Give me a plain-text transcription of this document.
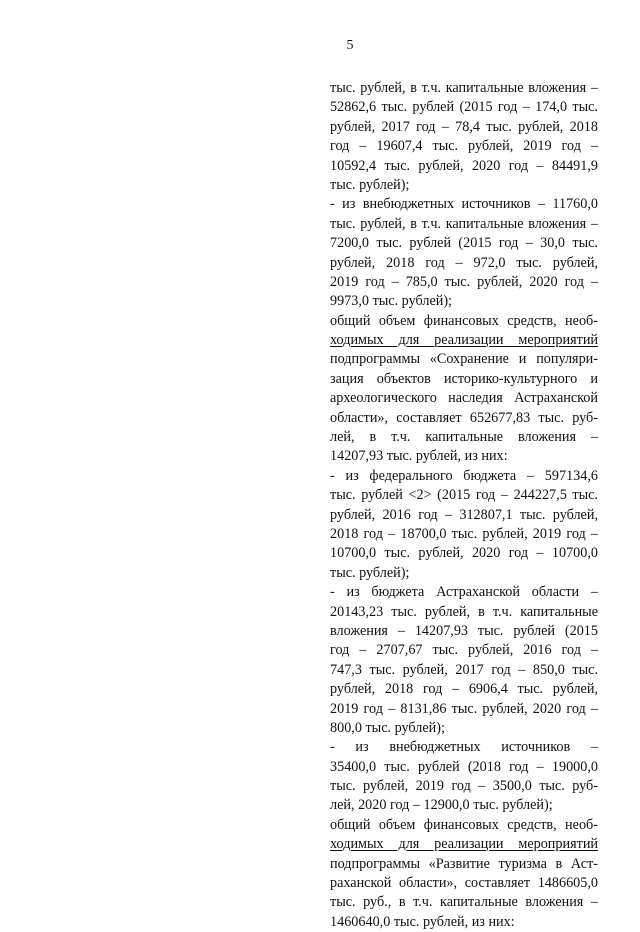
5
тыс. рублей, в т.ч. капитальные вложения –
52862,6 тыс. рублей (2015 год – 174,0 тыс.
рублей, 2017 год – 78,4 тыс. рублей, 2018
год – 19607,4 тыс. рублей, 2019 год –
10592,4 тыс. рублей, 2020 год – 84491,9
тыс. рублей);
- из внебюджетных источников – 11760,0
тыс. рублей, в т.ч. капитальные вложения –
7200,0 тыс. рублей (2015 год – 30,0 тыс.
рублей, 2018 год – 972,0 тыс. рублей,
2019 год – 785,0 тыс. рублей, 2020 год –
9973,0 тыс. рублей);
общий объем финансовых средств, необ-
ходимых для реализации мероприятий
подпрограммы «Сохранение и популяри-
зация объектов историко-культурного и
археологического наследия Астраханской
области», составляет 652677,83 тыс. руб-
лей, в т.ч. капитальные вложения –
14207,93 тыс. рублей, из них:
- из федерального бюджета – 597134,6
тыс. рублей <2> (2015 год – 244227,5 тыс.
рублей, 2016 год – 312807,1 тыс. рублей,
2018 год – 18700,0 тыс. рублей, 2019 год –
10700,0 тыс. рублей, 2020 год – 10700,0
тыс. рублей);
- из бюджета Астраханской области –
20143,23 тыс. рублей, в т.ч. капитальные
вложения – 14207,93 тыс. рублей (2015
год – 2707,67 тыс. рублей, 2016 год –
747,3 тыс. рублей, 2017 год – 850,0 тыс.
рублей, 2018 год – 6906,4 тыс. рублей,
2019 год – 8131,86 тыс. рублей, 2020 год –
800,0 тыс. рублей);
- из внебюджетных источников –
35400,0 тыс. рублей (2018 год – 19000,0
тыс. рублей, 2019 год – 3500,0 тыс. руб-
лей, 2020 год – 12900,0 тыс. рублей);
общий объем финансовых средств, необ-
ходимых для реализации мероприятий
подпрограммы «Развитие туризма в Аст-
раханской области», составляет 1486605,0
тыс. руб., в т.ч. капитальные вложения –
1460640,0 тыс. рублей, из них:
